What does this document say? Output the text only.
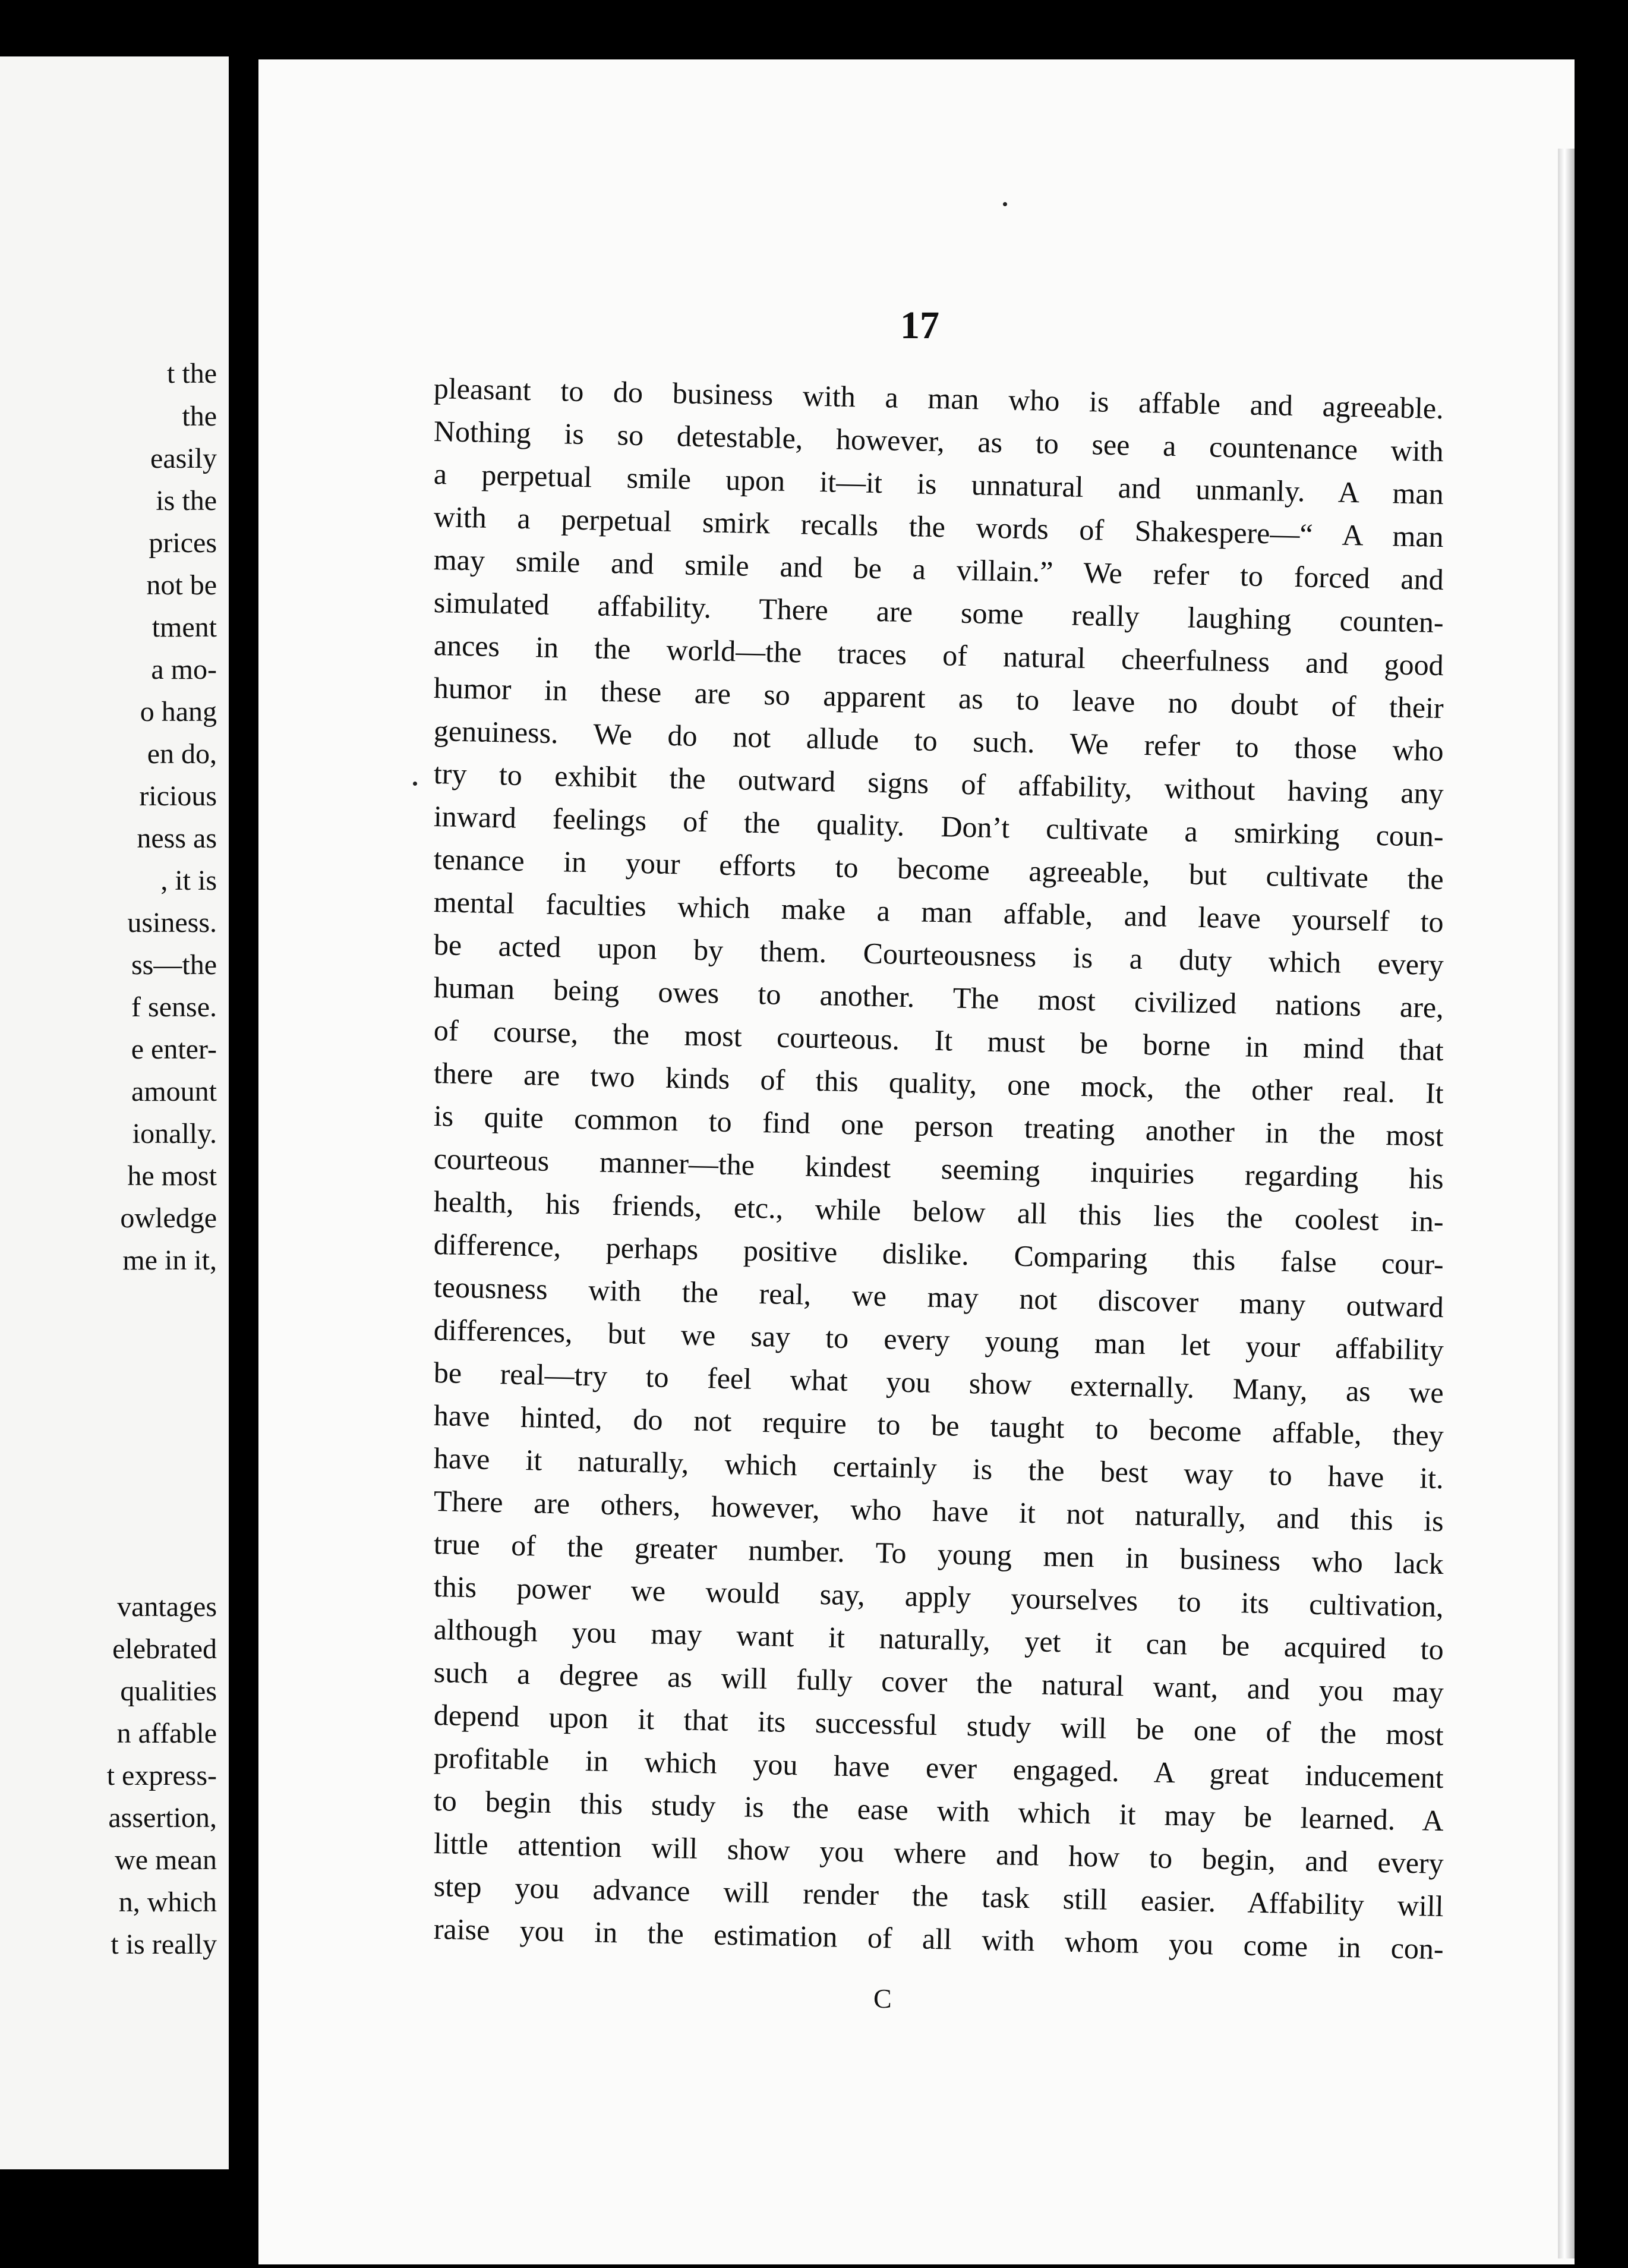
t the
the
easily
is the
prices
not be
tment
a mo-
o hang
en do,
ricious
ness as
, it is
usiness.
ss—the
f sense.
e enter-
amount
ionally.
he most
owledge
me in it,
vantages
elebrated
qualities
n affable
t express-
assertion,
we mean
n, which
t is really
17
pleasant to do business with a man who is affable and agreeable.
Nothing is so detestable, however, as to see a countenance with
a perpetual smile upon it—it is unnatural and unmanly. A man
with a perpetual smirk recalls the words of Shakespere—“ A man
may smile and smile and be a villain.” We refer to forced and
simulated affability. There are some really laughing counten-
ances in the world—the traces of natural cheerfulness and good
humor in these are so apparent as to leave no doubt of their
genuiness. We do not allude to such. We refer to those who
try to exhibit the outward signs of affability, without having any
inward feelings of the quality. Don’t cultivate a smirking coun-
tenance in your efforts to become agreeable, but cultivate the
mental faculties which make a man affable, and leave yourself to
be acted upon by them. Courteousness is a duty which every
human being owes to another. The most civilized nations are,
of course, the most courteous. It must be borne in mind that
there are two kinds of this quality, one mock, the other real. It
is quite common to find one person treating another in the most
courteous manner—the kindest seeming inquiries regarding his
health, his friends, etc., while below all this lies the coolest in-
difference, perhaps positive dislike. Comparing this false cour-
teousness with the real, we may not discover many outward
differences, but we say to every young man let your affability
be real—try to feel what you show externally. Many, as we
have hinted, do not require to be taught to become affable, they
have it naturally, which certainly is the best way to have it.
There are others, however, who have it not naturally, and this is
true of the greater number. To young men in business who lack
this power we would say, apply yourselves to its cultivation,
although you may want it naturally, yet it can be acquired to
such a degree as will fully cover the natural want, and you may
depend upon it that its successful study will be one of the most
profitable in which you have ever engaged. A great inducement
to begin this study is the ease with which it may be learned. A
little attention will show you where and how to begin, and every
step you advance will render the task still easier. Affability will
raise you in the estimation of all with whom you come in con-
C
